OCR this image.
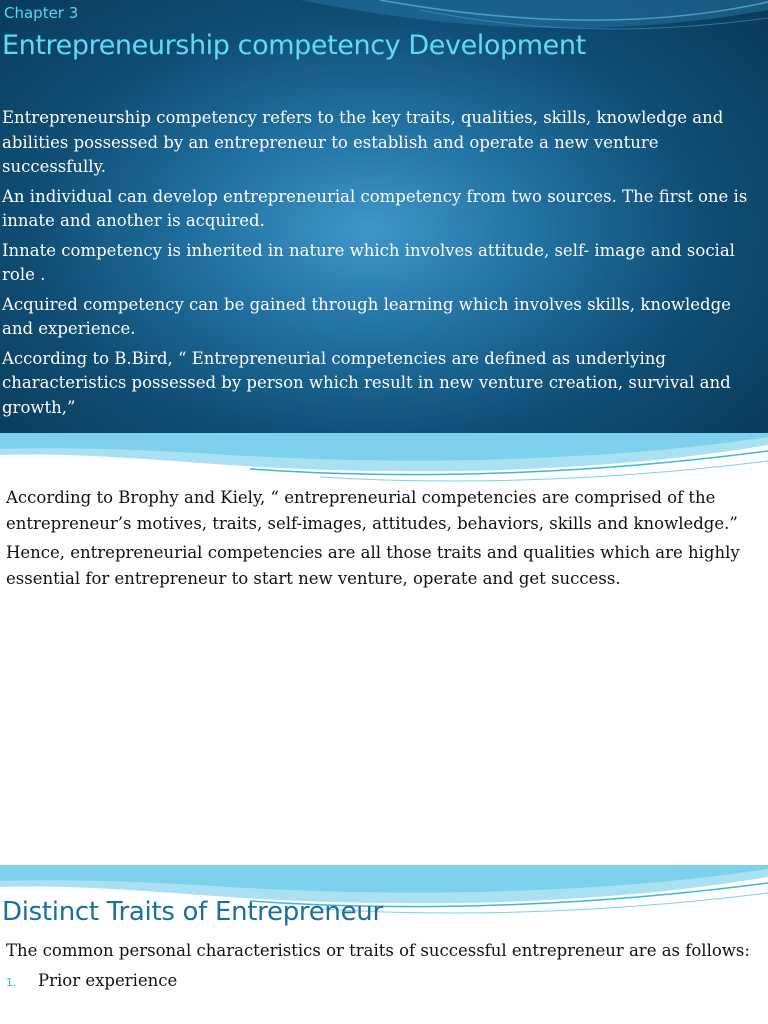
Chapter 3
Entrepreneurship competency Development

Entrepreneurship competency refers to the key traits, qualities, skills, knowledge and abilities possessed by an entrepreneur to establish and operate a new venture successfully.

An individual can develop entrepreneurial competency from two sources. The first one is innate and another is acquired.

Innate competency is inherited in nature which involves attitude, self- image and social role .

Acquired competency can be gained through learning which involves skills, knowledge and experience.

According to B.Bird, “ Entrepreneurial competencies are defined as underlying characteristics possessed by person which result in new venture creation, survival and growth,”

According to Brophy and Kiely, “ entrepreneurial competencies are comprised of the entrepreneur’s motives, traits, self-images, attitudes, behaviors, skills and knowledge.”

Hence, entrepreneurial competencies are all those traits and qualities which are highly essential for entrepreneur to start new venture, operate and get success.

Distinct Traits of Entrepreneur

The common personal characteristics or traits of successful entrepreneur are as follows:

1.	Prior experience
